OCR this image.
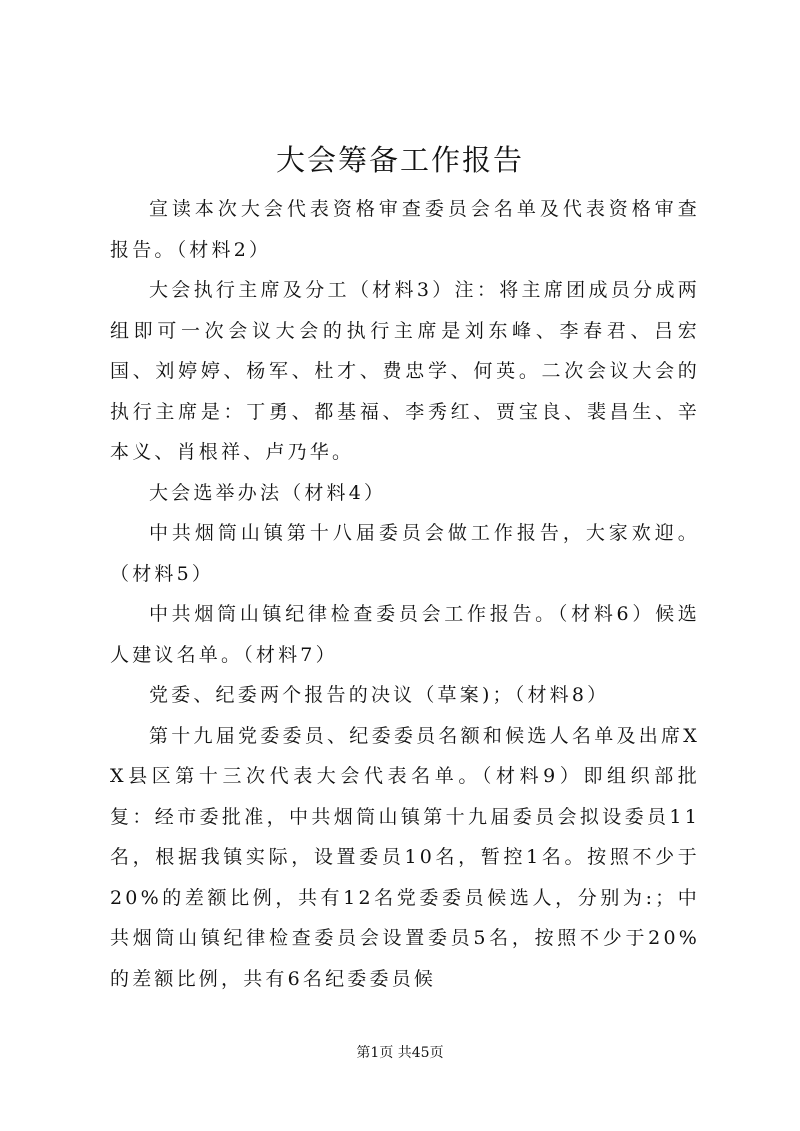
大会筹备工作报告

宣读本次大会代表资格审查委员会名单及代表资格审查报告。（材料2）

大会执行主席及分工（材料3）注：将主席团成员分成两组即可一次会议大会的执行主席是刘东峰、李春君、吕宏国、刘婷婷、杨军、杜才、费忠学、何英。二次会议大会的执行主席是：丁勇、都基福、李秀红、贾宝良、裴昌生、辛本义、肖根祥、卢乃华。

大会选举办法（材料4）

中共烟筒山镇第十八届委员会做工作报告，大家欢迎。（材料5）

中共烟筒山镇纪律检查委员会工作报告。（材料6）候选人建议名单。（材料7）

党委、纪委两个报告的决议（草案)；（材料8）

第十九届党委委员、纪委委员名额和候选人名单及出席XX县区第十三次代表大会代表名单。（材料9）即组织部批复：经市委批准，中共烟筒山镇第十九届委员会拟设委员11名，根据我镇实际，设置委员10名，暂控1名。按照不少于20%的差额比例，共有12名党委委员候选人，分别为:；中共烟筒山镇纪律检查委员会设置委员5名，按照不少于20%的差额比例，共有6名纪委委员候

第1页 共45页
